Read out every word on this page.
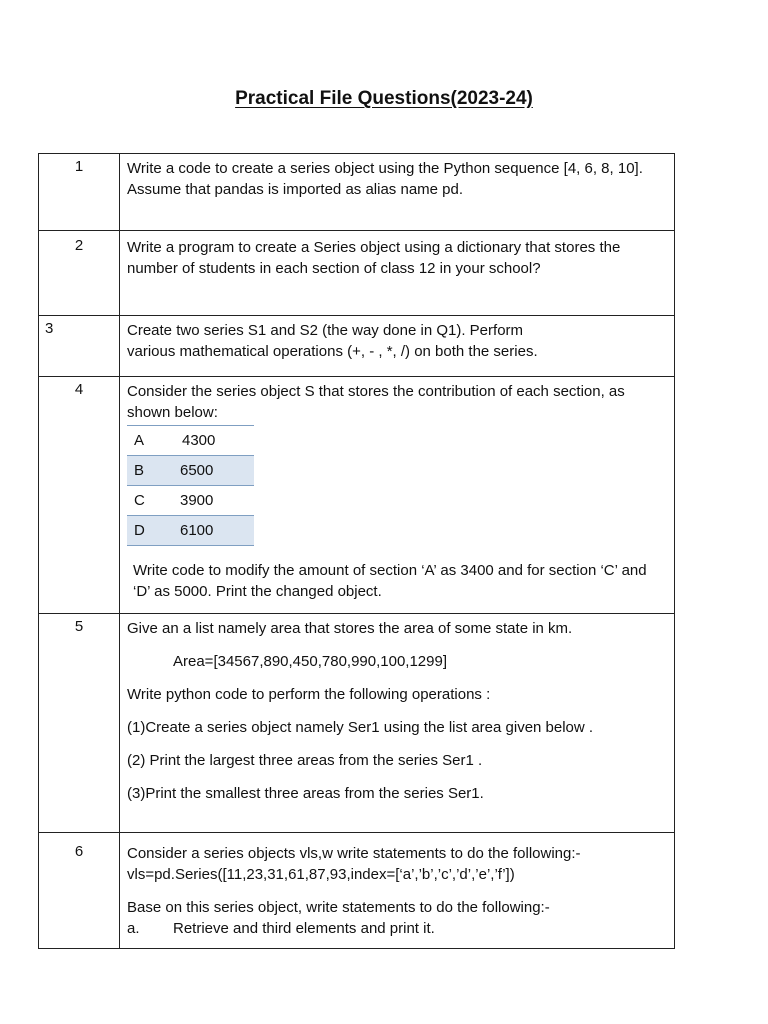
Practical File Questions(2023-24)
1	Write a code to create a series object using the Python sequence [4, 6, 8, 10]. Assume that pandas is imported as alias name pd.
2	Write a program to create a Series object using a dictionary that stores the number of students in each section of class 12 in your school?
3	Create two series S1 and S2 (the way done in Q1). Perform
various mathematical operations (+, - , *, /) on both the series.

4	Consider the series object S that stores the contribution of each section, as shown below:
A	4300
B	6500
C	3900
D	6100
Write code to modify the amount of section ‘A’ as 3400 and for section ‘C’ and ‘D’ as 5000. Print the changed object.

5	Give an a list namely area that stores the area of some state in km.
Area=[34567,890,450,780,990,100,1299]
Write python code to perform the following operations :
(1)Create a series object namely Ser1 using the list area given below .
(2) Print the largest three areas from the series Ser1 .
(3)Print the smallest three areas from the series Ser1.

6	Consider a series objects vls,w write statements to do the following:-
vls=pd.Series([11,23,31,61,87,93,index=[‘a’,’b’,’c’,’d’,’e’,’f’])
Base on this series object, write statements to do the following:-
a.	Retrieve and third elements and print it.
